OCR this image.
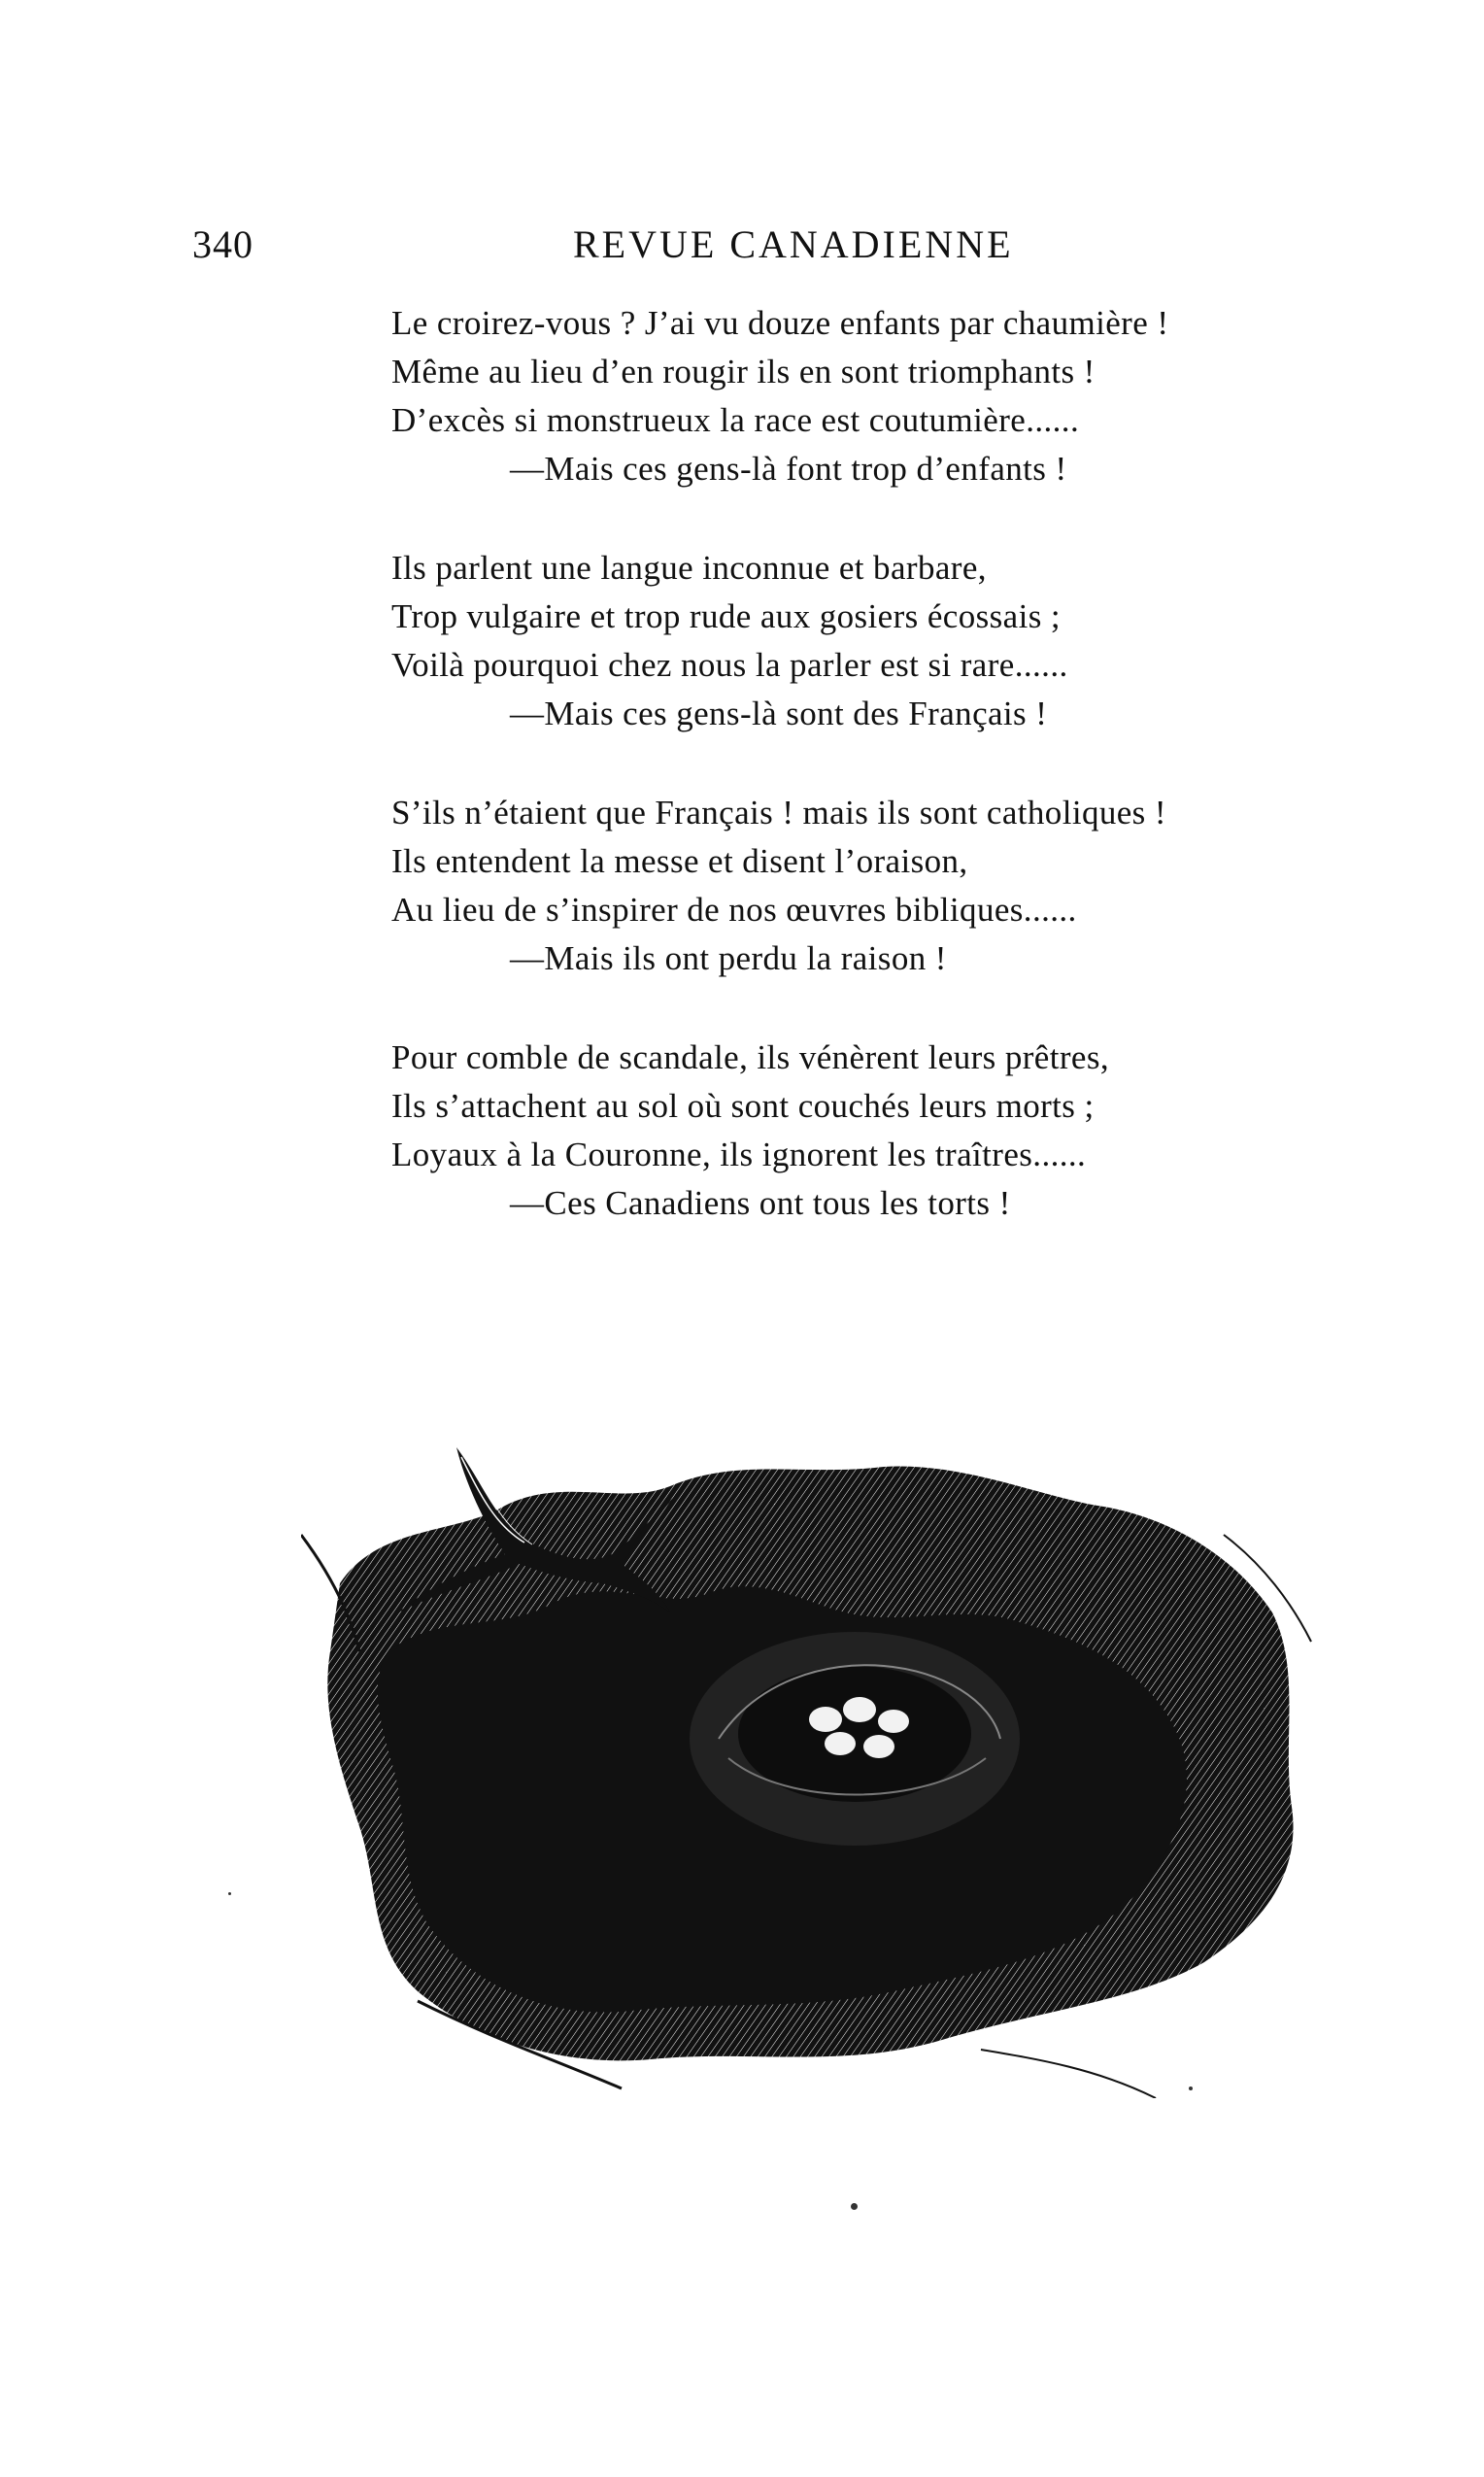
340	REVUE CANADIENNE
Le croirez-vous ? J’ai vu douze enfants par chaumière !
Même au lieu d’en rougir ils en sont triomphants !
D’excès si monstrueux la race est coutumière......
—Mais ces gens-là font trop d’enfants !
Ils parlent une langue inconnue et barbare,
Trop vulgaire et trop rude aux gosiers écossais ;
Voilà pourquoi chez nous la parler est si rare......
—Mais ces gens-là sont des Français !
S’ils n’étaient que Français ! mais ils sont catholiques !
Ils entendent la messe et disent l’oraison,
Au lieu de s’inspirer de nos œuvres bibliques......
—Mais ils ont perdu la raison !
Pour comble de scandale, ils vénèrent leurs prêtres,
Ils s’attachent au sol où sont couchés leurs morts ;
Loyaux à la Couronne, ils ignorent les traîtres......
—Ces Canadiens ont tous les torts !
